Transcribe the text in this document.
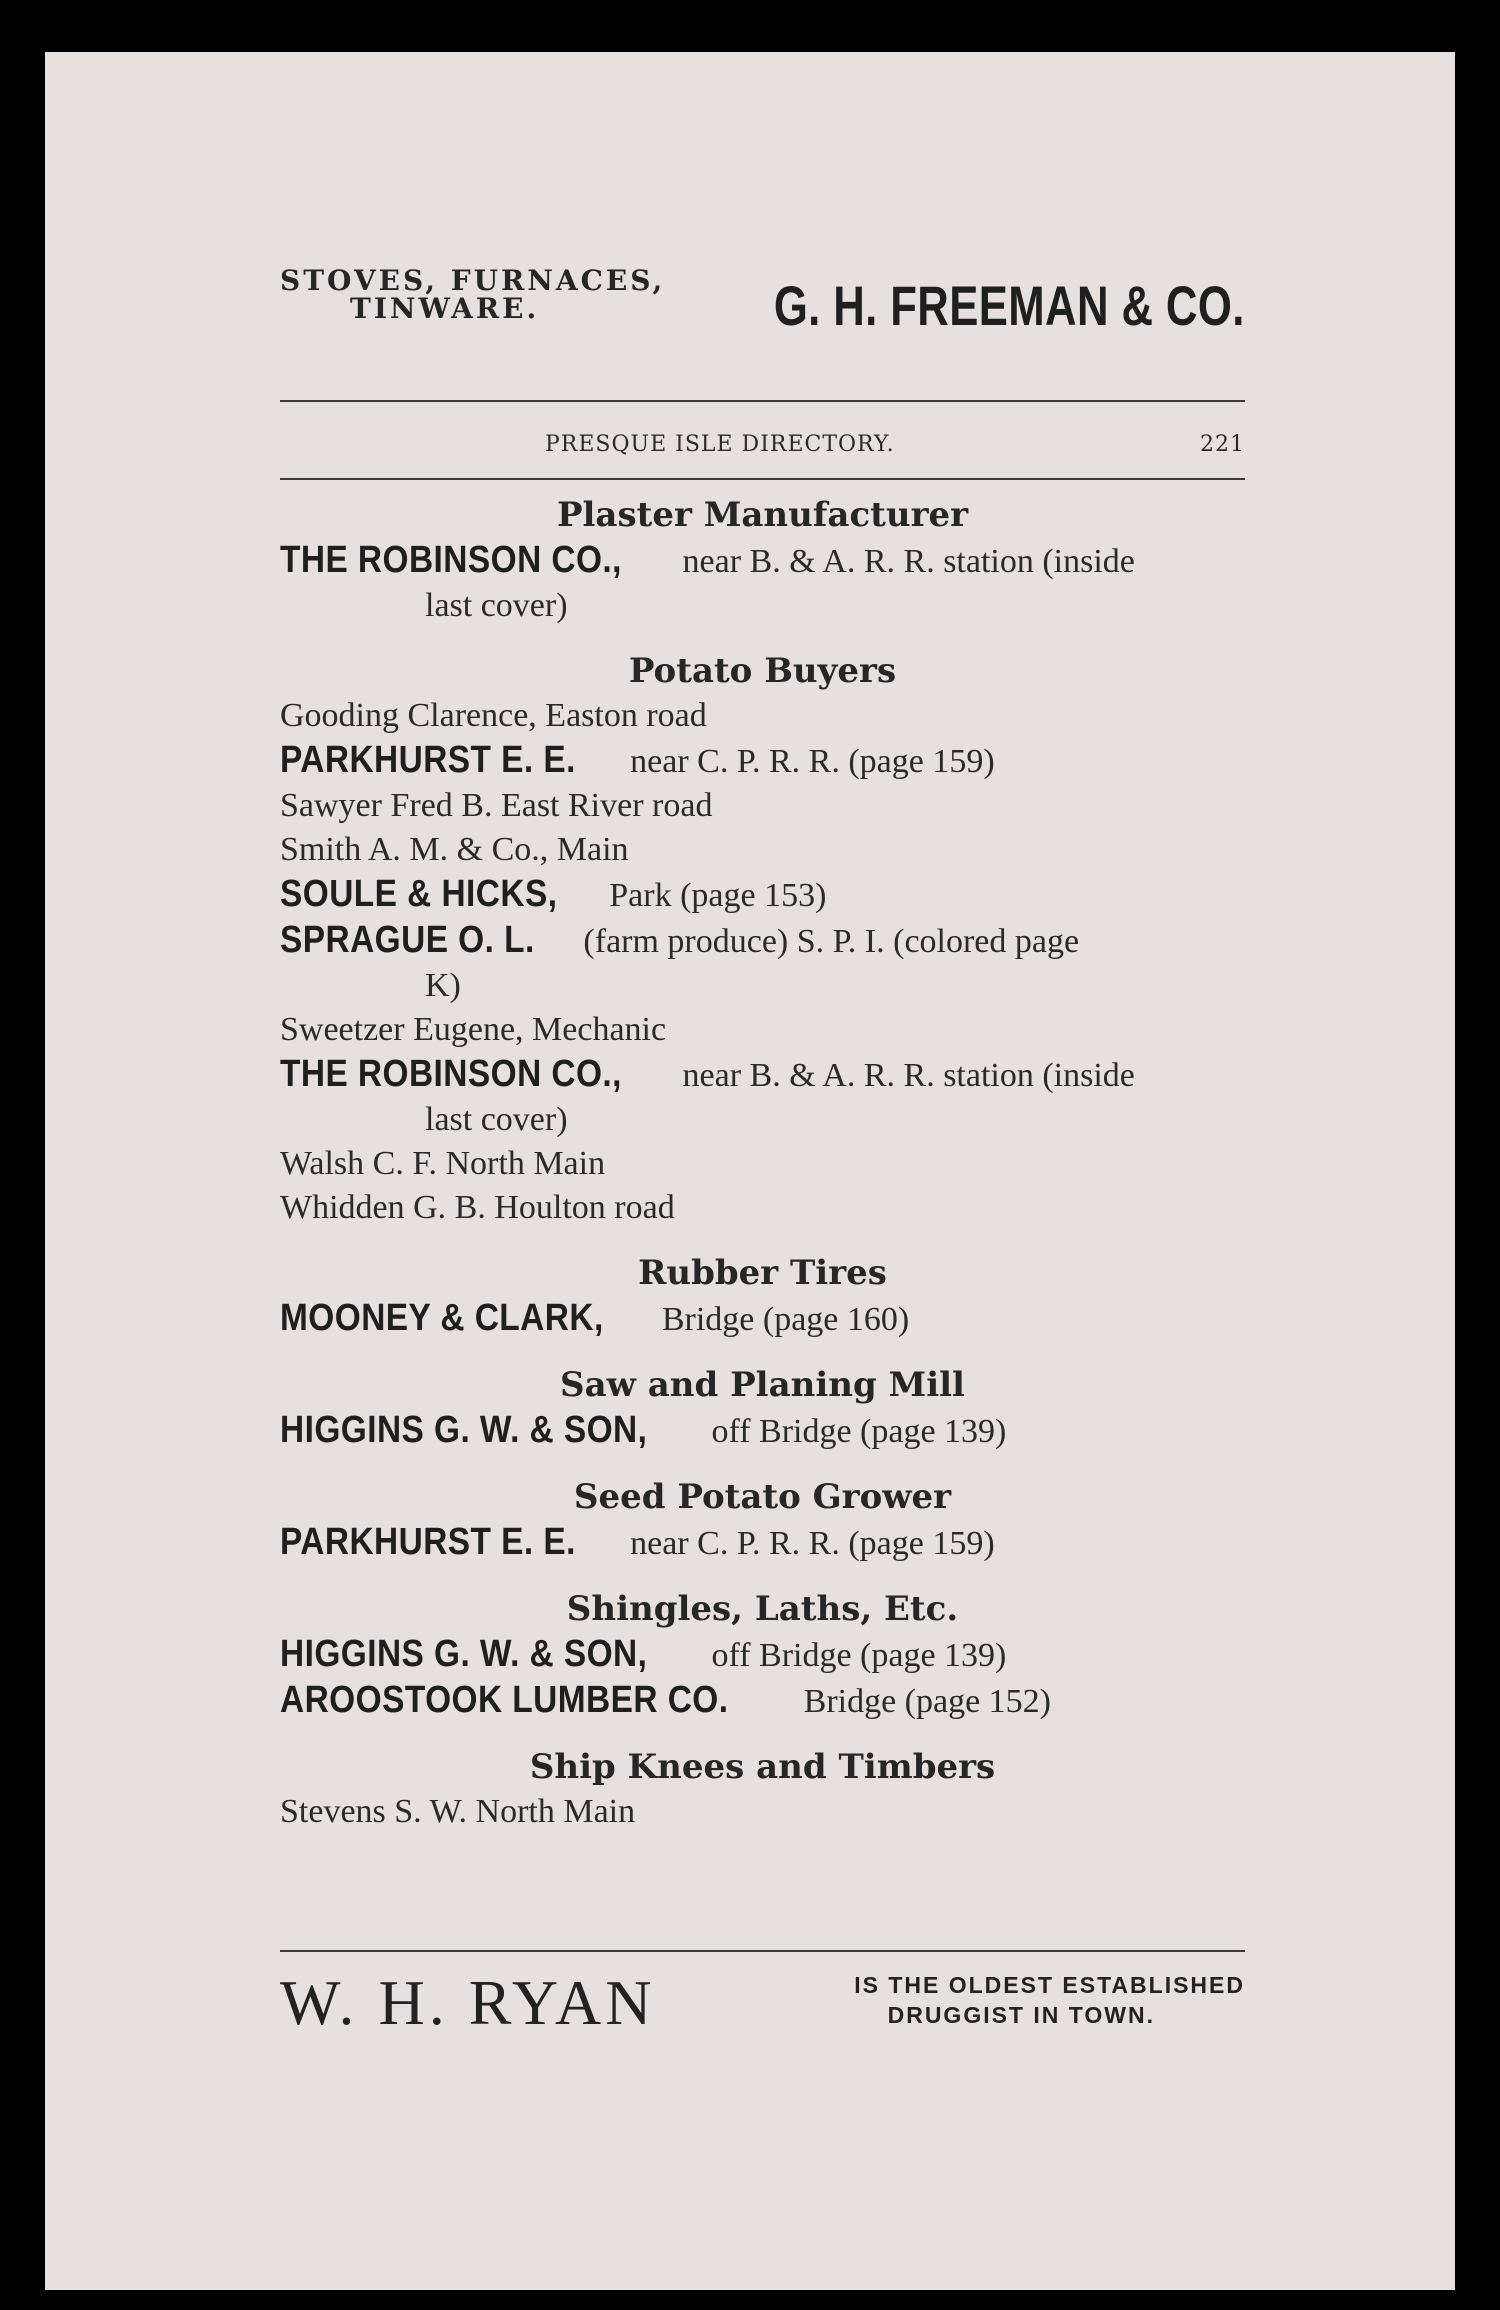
STOVES, FURNACES,
TINWARE.	G. H. FREEMAN & CO.
PRESQUE ISLE DIRECTORY.	221
Plaster Manufacturer
THE ROBINSON CO., near B. & A. R. R. station (inside
last cover)
Potato Buyers
Gooding Clarence, Easton road
PARKHURST E. E. near C. P. R. R. (page 159)
Sawyer Fred B. East River road
Smith A. M. & Co., Main
SOULE & HICKS, Park (page 153)
SPRAGUE O. L. (farm produce) S. P. I. (colored page
K)
Sweetzer Eugene, Mechanic
THE ROBINSON CO., near B. & A. R. R. station (inside
last cover)
Walsh C. F. North Main
Whidden G. B. Houlton road
Rubber Tires
MOONEY & CLARK, Bridge (page 160)
Saw and Planing Mill
HIGGINS G. W. & SON, off Bridge (page 139)
Seed Potato Grower
PARKHURST E. E. near C. P. R. R. (page 159)
Shingles, Laths, Etc.
HIGGINS G. W. & SON, off Bridge (page 139)
AROOSTOOK LUMBER CO. Bridge (page 152)
Ship Knees and Timbers
Stevens S. W. North Main
W. H. RYAN	IS THE OLDEST ESTABLISHED
DRUGGIST IN TOWN.
